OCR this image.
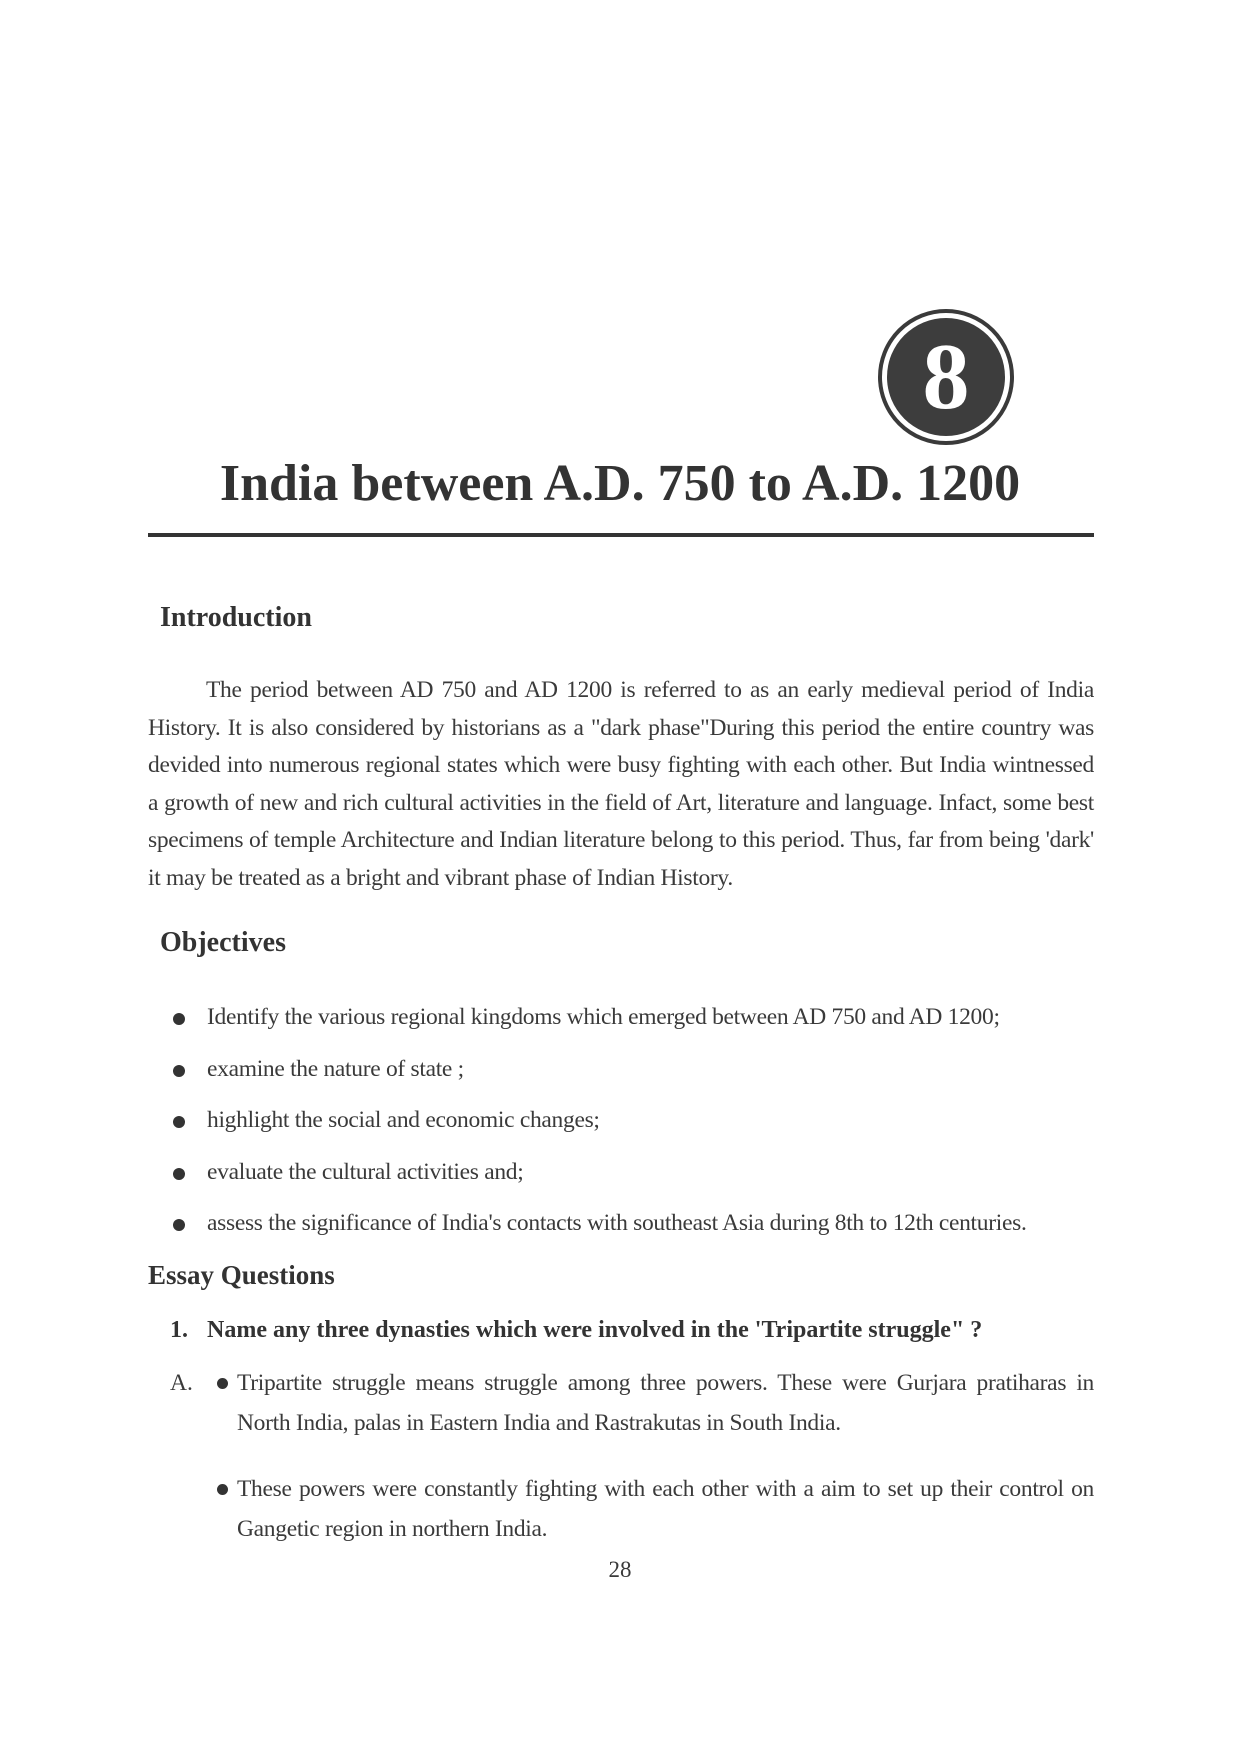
8
India between A.D. 750 to A.D. 1200
Introduction

The period between AD 750 and AD 1200 is referred to as an early medieval period of India History. It is also considered by historians as a "dark phase"During this period the entire country was devided into numerous regional states which were busy fighting with each other. But India wintnessed a growth of new and rich cultural activities in the field of Art, literature and language. Infact, some best specimens of temple Architecture and Indian literature belong to this period. Thus, far from being 'dark' it may be treated as a bright and vibrant phase of Indian History.

Objectives
Identify the various regional kingdoms which emerged between AD 750 and AD 1200;
examine the nature of state ;
highlight the social and economic changes;
evaluate the cultural activities and;
assess the significance of India's contacts with southeast Asia during 8th to 12th centuries.
Essay Questions
1. Name any three dynasties which were involved in the 'Tripartite struggle" ?
A. Tripartite struggle means struggle among three powers. These were Gurjara pratiharas in North India, palas in Eastern India and Rastrakutas in South India.
These powers were constantly fighting with each other with a aim to set up their control on Gangetic region in northern India.
28
